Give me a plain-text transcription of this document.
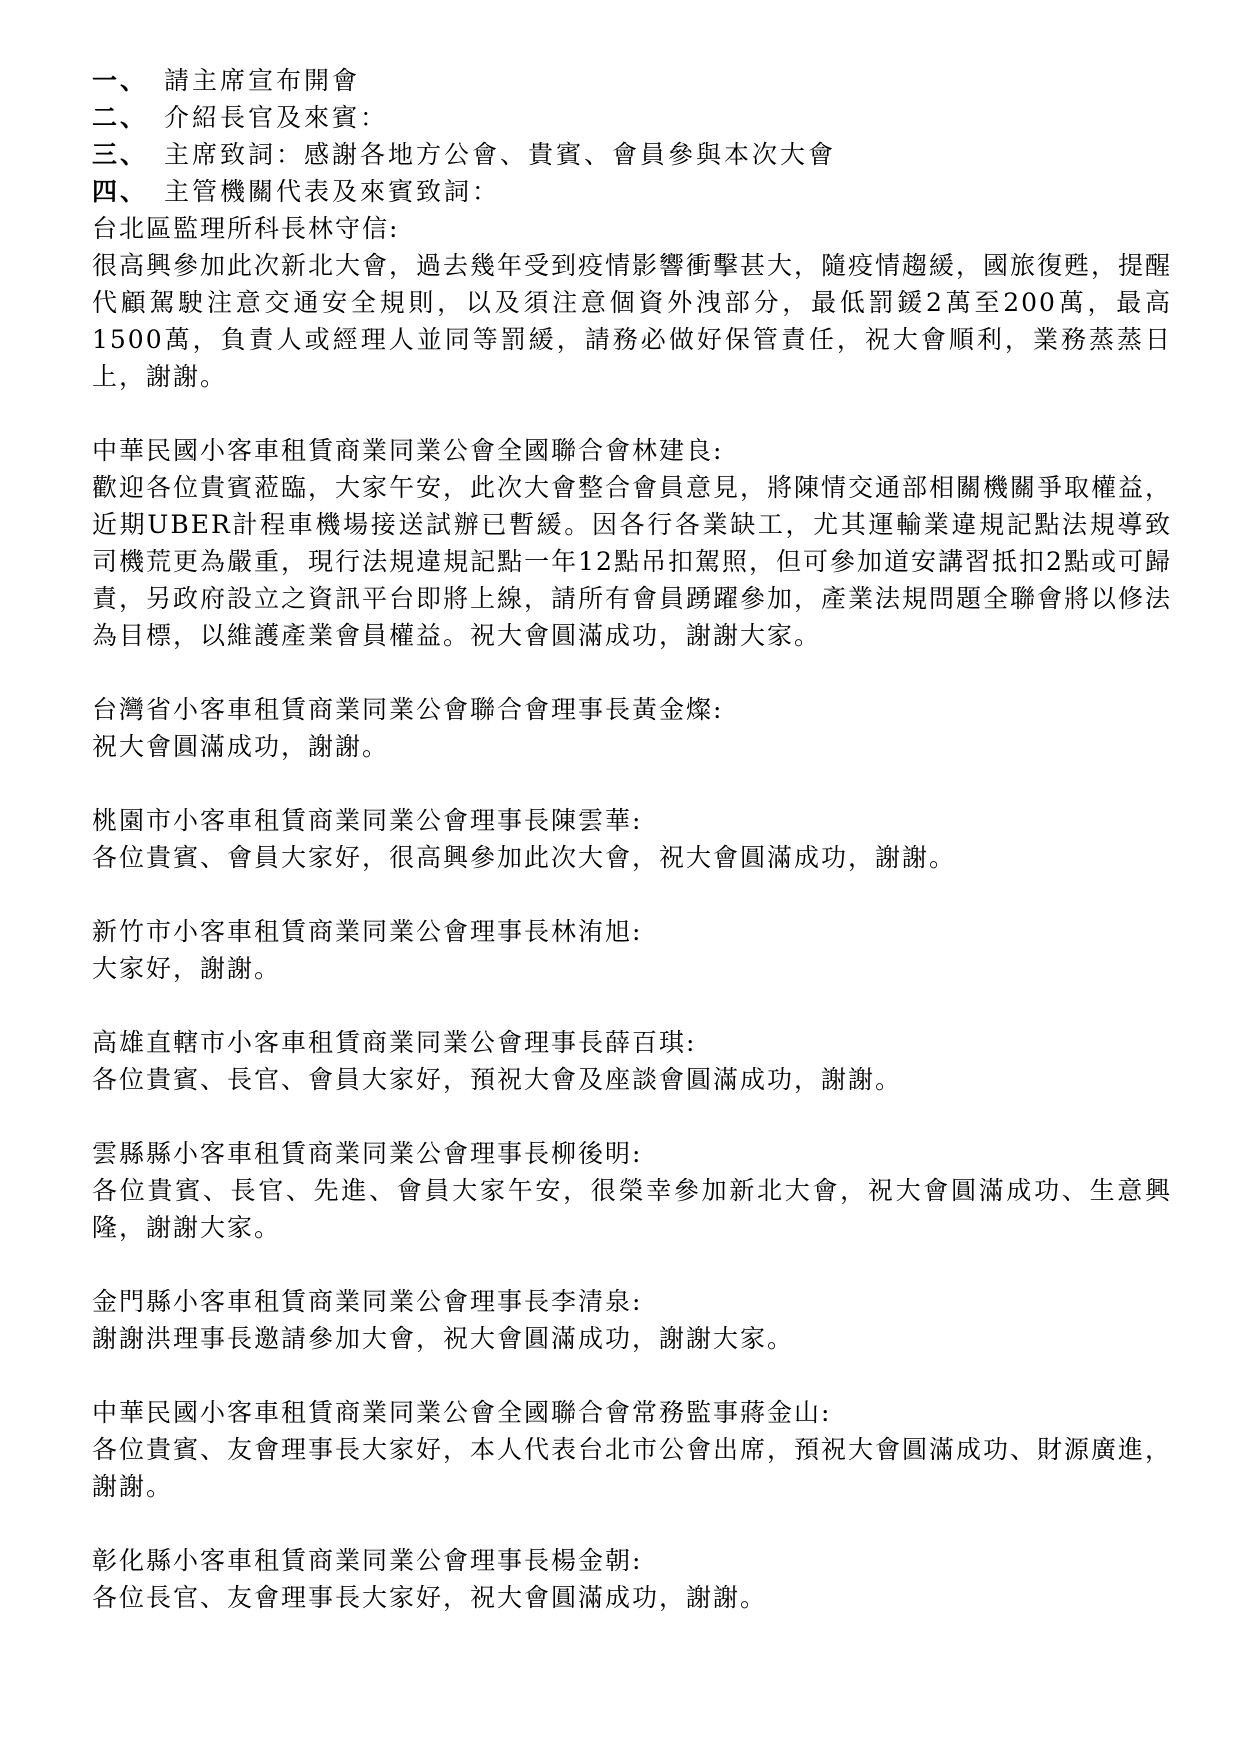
一、 請主席宣布開會
二、 介紹長官及來賓：
三、 主席致詞：感謝各地方公會、貴賓、會員參與本次大會
四、 主管機關代表及來賓致詞：
台北區監理所科長林守信:

很高興參加此次新北大會，過去幾年受到疫情影響衝擊甚大，隨疫情趨緩，國旅復甦，提醒代顧駕駛注意交通安全規則，以及須注意個資外洩部分，最低罰鍰2萬至200萬，最高1500萬，負責人或經理人並同等罰緩，請務必做好保管責任，祝大會順利，業務蒸蒸日上，謝謝。

中華民國小客車租賃商業同業公會全國聯合會林建良:

歡迎各位貴賓蒞臨，大家午安，此次大會整合會員意見，將陳情交通部相關機關爭取權益，近期UBER計程車機場接送試辦已暫緩。因各行各業缺工，尤其運輸業違規記點法規導致司機荒更為嚴重，現行法規違規記點一年12點吊扣駕照，但可參加道安講習抵扣2點或可歸責，另政府設立之資訊平台即將上線，請所有會員踴躍參加，產業法規問題全聯會將以修法為目標，以維護產業會員權益。祝大會圓滿成功，謝謝大家。

台灣省小客車租賃商業同業公會聯合會理事長黃金燦:

祝大會圓滿成功，謝謝。

桃園市小客車租賃商業同業公會理事長陳雲華:

各位貴賓、會員大家好，很高興參加此次大會，祝大會圓滿成功，謝謝。

新竹市小客車租賃商業同業公會理事長林洧旭:

大家好，謝謝。

高雄直轄市小客車租賃商業同業公會理事長薛百琪:

各位貴賓、長官、會員大家好，預祝大會及座談會圓滿成功，謝謝。

雲縣縣小客車租賃商業同業公會理事長柳後明:

各位貴賓、長官、先進、會員大家午安，很榮幸參加新北大會，祝大會圓滿成功、生意興隆，謝謝大家。

金門縣小客車租賃商業同業公會理事長李清泉:

謝謝洪理事長邀請參加大會，祝大會圓滿成功，謝謝大家。

中華民國小客車租賃商業同業公會全國聯合會常務監事蔣金山:

各位貴賓、友會理事長大家好，本人代表台北市公會出席，預祝大會圓滿成功、財源廣進，謝謝。

彰化縣小客車租賃商業同業公會理事長楊金朝:

各位長官、友會理事長大家好，祝大會圓滿成功，謝謝。
